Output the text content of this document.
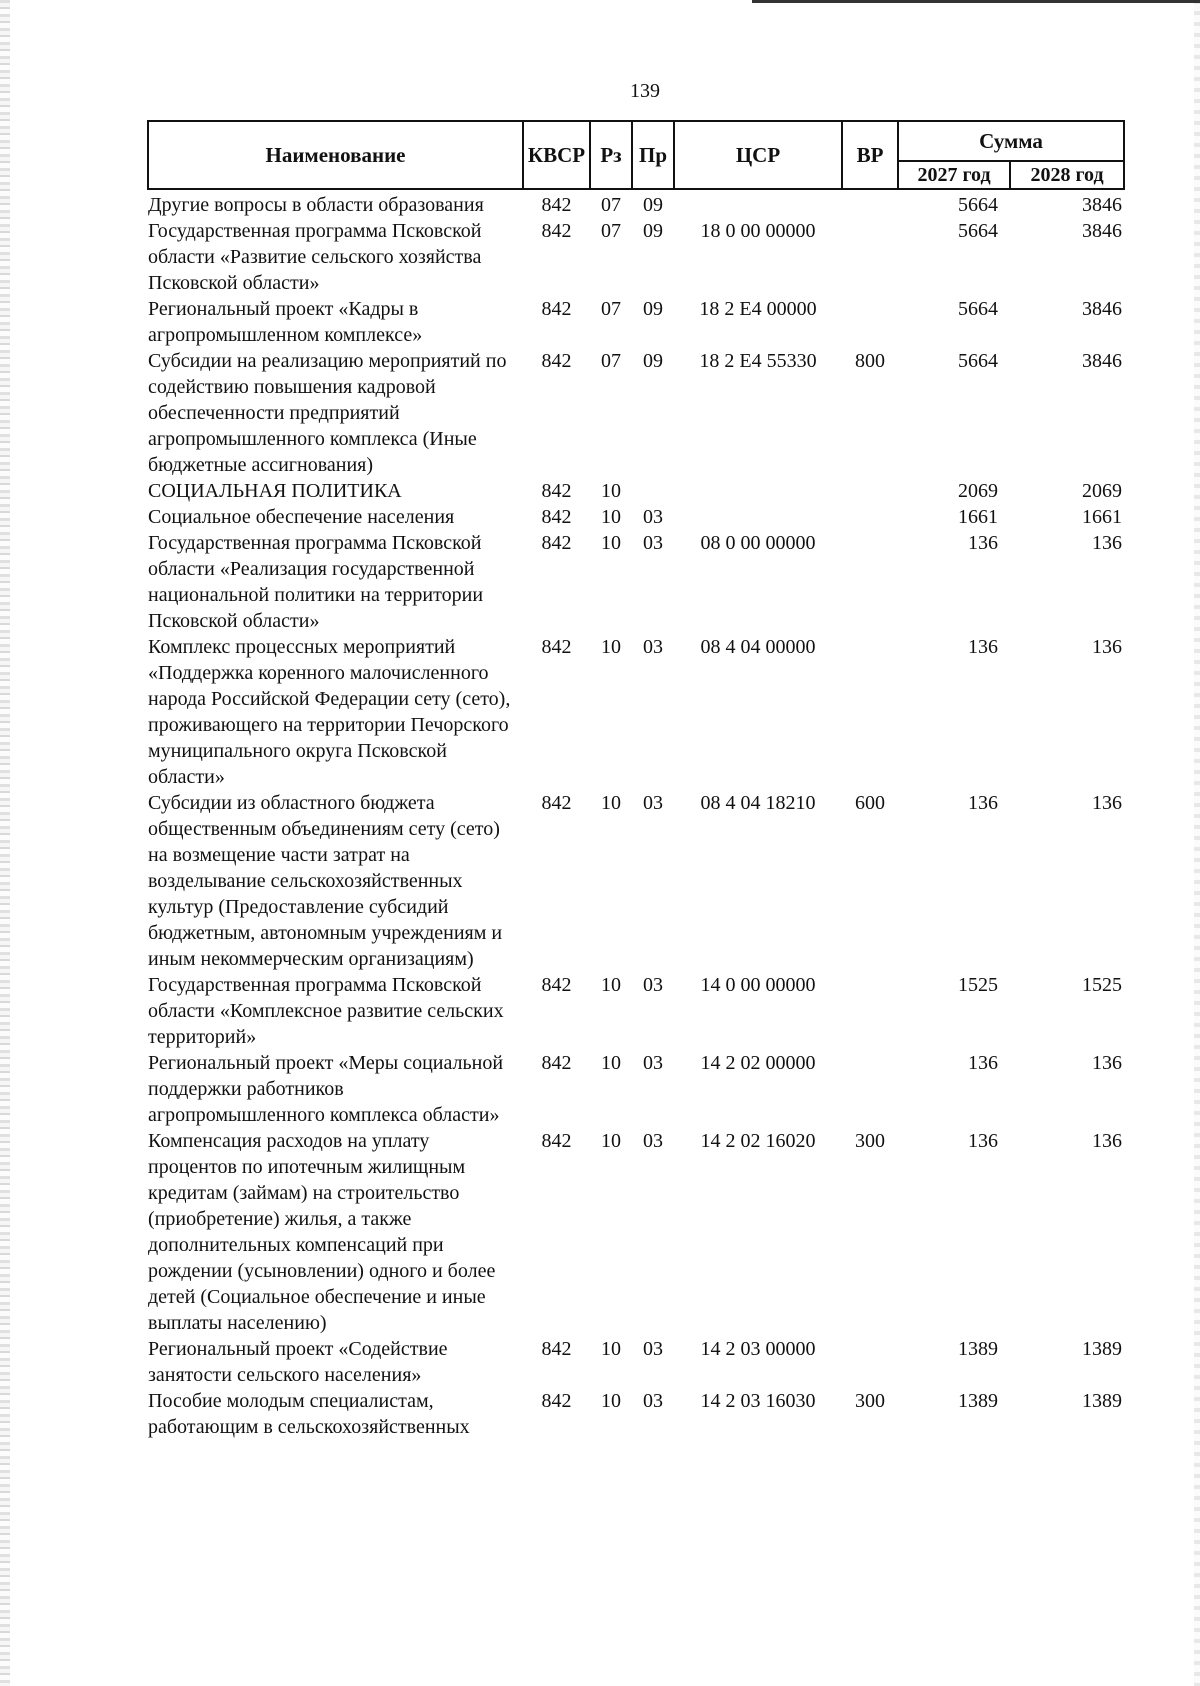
139
Наименование	КВСР	Рз	Пр	ЦСР	ВР	Сумма	
						2027 год	2028 год
Другие вопросы в области образования	842	07	09			5664	3846
Государственная программа Псковской области «Развитие сельского хозяйства Псковской области»	842	07	09	18 0 00 00000		5664	3846
Региональный проект «Кадры в агропромышленном комплексе»	842	07	09	18 2 E4 00000		5664	3846
Субсидии на реализацию мероприятий по содействию повышения кадровой обеспеченности предприятий агропромышленного комплекса (Иные бюджетные ассигнования)	842	07	09	18 2 E4 55330	800	5664	3846
СОЦИАЛЬНАЯ ПОЛИТИКА	842	10				2069	2069
Социальное обеспечение населения	842	10	03			1661	1661
Государственная программа Псковской области «Реализация государственной национальной политики на территории Псковской области»	842	10	03	08 0 00 00000		136	136
Комплекс процессных мероприятий «Поддержка коренного малочисленного народа Российской Федерации сету (сето), проживающего на территории Печорского муниципального округа Псковской области»	842	10	03	08 4 04 00000		136	136
Субсидии из областного бюджета общественным объединениям сету (сето) на возмещение части затрат на возделывание сельскохозяйственных культур (Предоставление субсидий бюджетным, автономным учреждениям и иным некоммерческим организациям)	842	10	03	08 4 04 18210	600	136	136
Государственная программа Псковской области «Комплексное развитие сельских территорий»	842	10	03	14 0 00 00000		1525	1525
Региональный проект «Меры социальной поддержки работников агропромышленного комплекса области»	842	10	03	14 2 02 00000		136	136
Компенсация расходов на уплату процентов по ипотечным жилищным кредитам (займам) на строительство (приобретение) жилья, а также дополнительных компенсаций при рождении (усыновлении) одного и более детей (Социальное обеспечение и иные выплаты населению)	842	10	03	14 2 02 16020	300	136	136
Региональный проект «Содействие занятости сельского населения»	842	10	03	14 2 03 00000		1389	1389
Пособие молодым специалистам, работающим в сельскохозяйственных	842	10	03	14 2 03 16030	300	1389	1389
